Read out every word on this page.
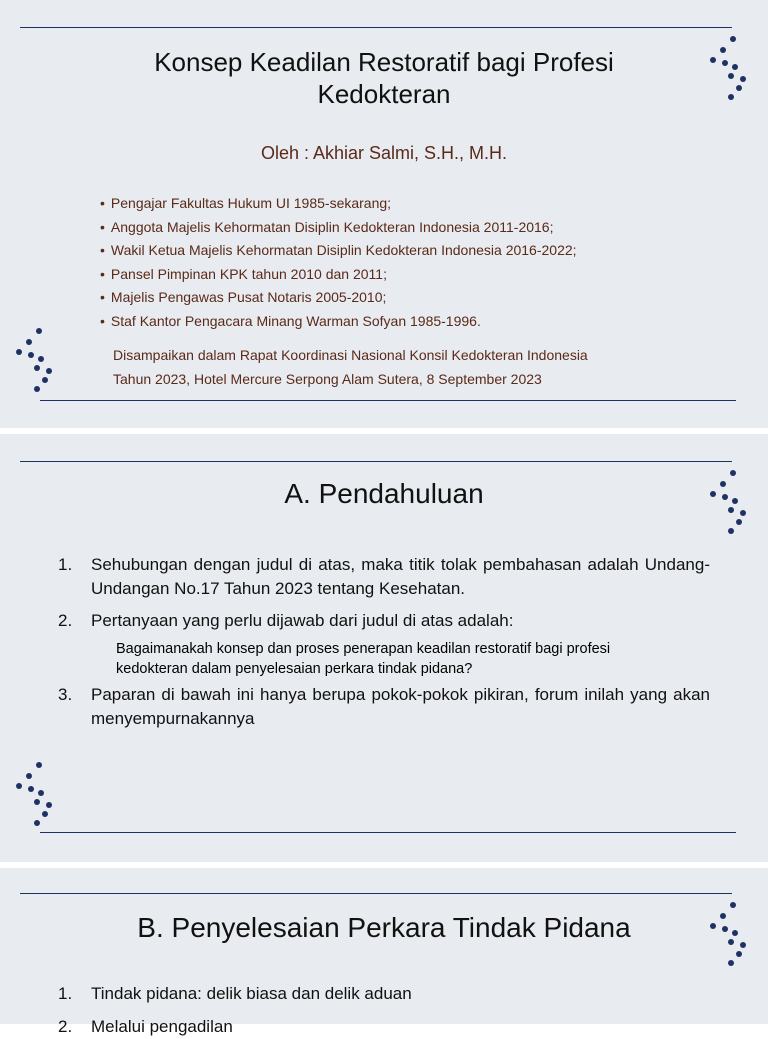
Konsep Keadilan Restoratif bagi Profesi
Kedokteran
Oleh : Akhiar Salmi, S.H., M.H.
• Pengajar Fakultas Hukum UI 1985-sekarang;
• Anggota Majelis Kehormatan Disiplin Kedokteran Indonesia 2011-2016;
• Wakil Ketua Majelis Kehormatan Disiplin Kedokteran Indonesia 2016-2022;
• Pansel Pimpinan KPK tahun 2010 dan 2011;
• Majelis Pengawas Pusat Notaris 2005-2010;
• Staf Kantor Pengacara Minang Warman Sofyan 1985-1996.
Disampaikan dalam Rapat Koordinasi Nasional Konsil Kedokteran Indonesia
Tahun 2023, Hotel Mercure Serpong Alam Sutera, 8 September 2023
A. Pendahuluan
1.	Sehubungan dengan judul di atas, maka titik tolak pembahasan adalah Undang-Undangan No.17 Tahun 2023 tentang Kesehatan.
2.	Pertanyaan yang perlu dijawab dari judul di atas adalah:
3.	Paparan di bawah ini hanya berupa pokok-pokok pikiran, forum inilah yang akan menyempurnakannya
Bagaimanakah konsep dan proses penerapan keadilan restoratif bagi profesi kedokteran dalam penyelesaian perkara tindak pidana?
B. Penyelesaian Perkara Tindak Pidana
1.	Tindak pidana: delik biasa dan delik aduan
2.	Melalui pengadilan
